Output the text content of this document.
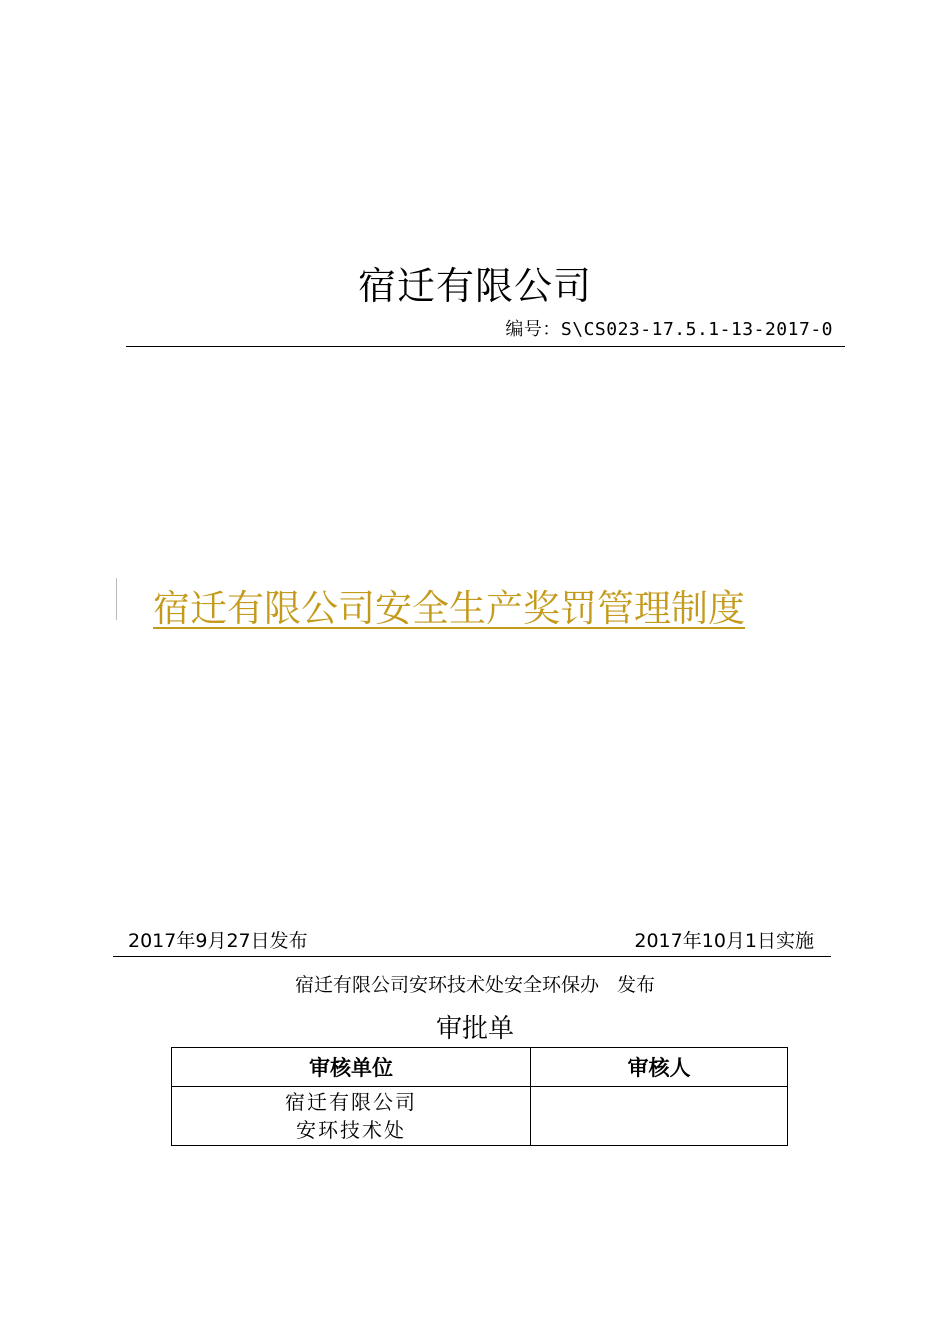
宿迁有限公司
编号：S\CS023-17.5.1-13-2017-0
宿迁有限公司安全生产奖罚管理制度
2017年9月27日发布	2017年10月1日实施
宿迁有限公司安环技术处安全环保办   发布
审批单
审核单位	审核人

宿迁有限公司
安环技术处	
